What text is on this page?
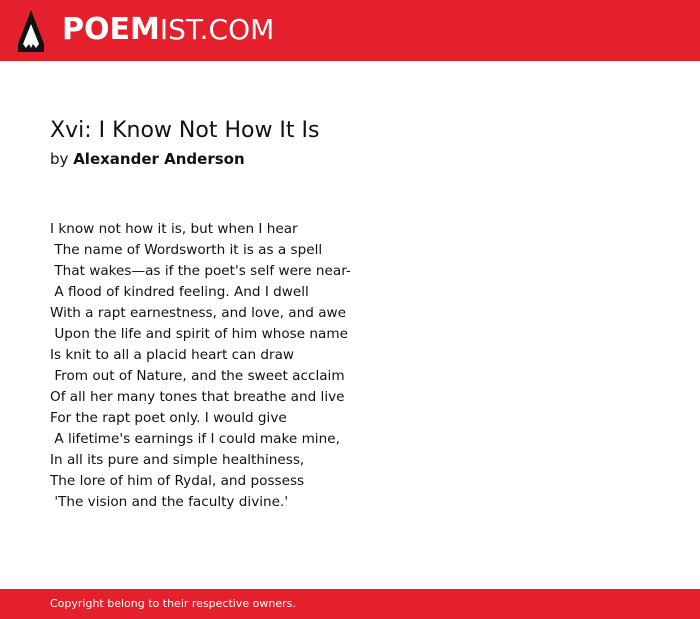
POEMIST.COM
Xvi: I Know Not How It Is
by Alexander Anderson
I know not how it is, but when I hear
The name of Wordsworth it is as a spell
That wakes—as if the poet's self were near-
A flood of kindred feeling. And I dwell
With a rapt earnestness, and love, and awe
Upon the life and spirit of him whose name
Is knit to all a placid heart can draw
From out of Nature, and the sweet acclaim
Of all her many tones that breathe and live
For the rapt poet only. I would give
A lifetime's earnings if I could make mine,
In all its pure and simple healthiness,
The lore of him of Rydal, and possess
'The vision and the faculty divine.'
Copyright belong to their respective owners.
